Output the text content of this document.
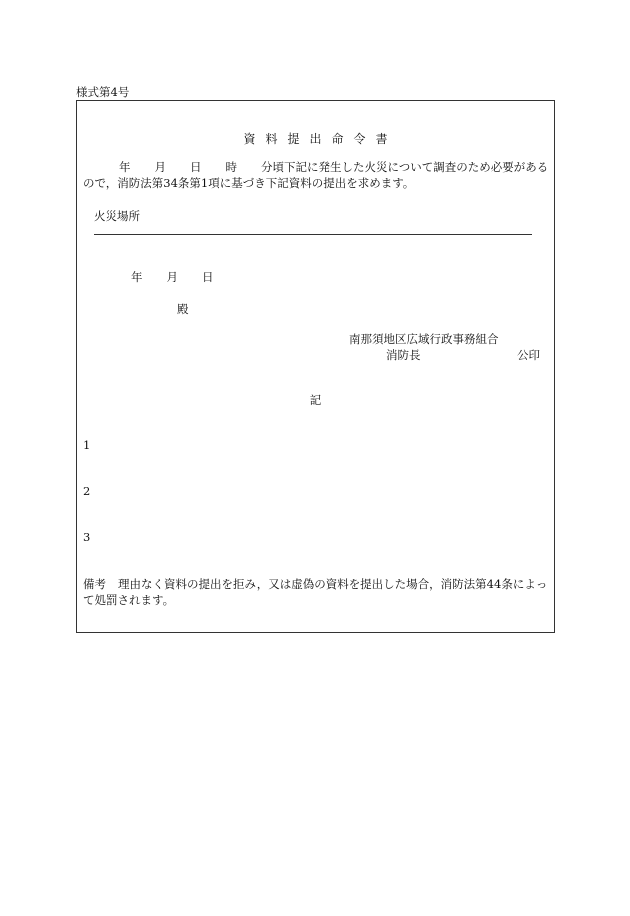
様式第4号
資料提出命令書
年 月 日 時 分頃下記に発生した火災について調査のため必要があるので，消防法第34条第1項に基づき下記資料の提出を求めます。
火災場所
年 月 日
殿
南那須地区広域行政事務組合
消防長	公印
記
1
2
3
備考 理由なく資料の提出を拒み，又は虚偽の資料を提出した場合，消防法第44条によって処罰されます。
